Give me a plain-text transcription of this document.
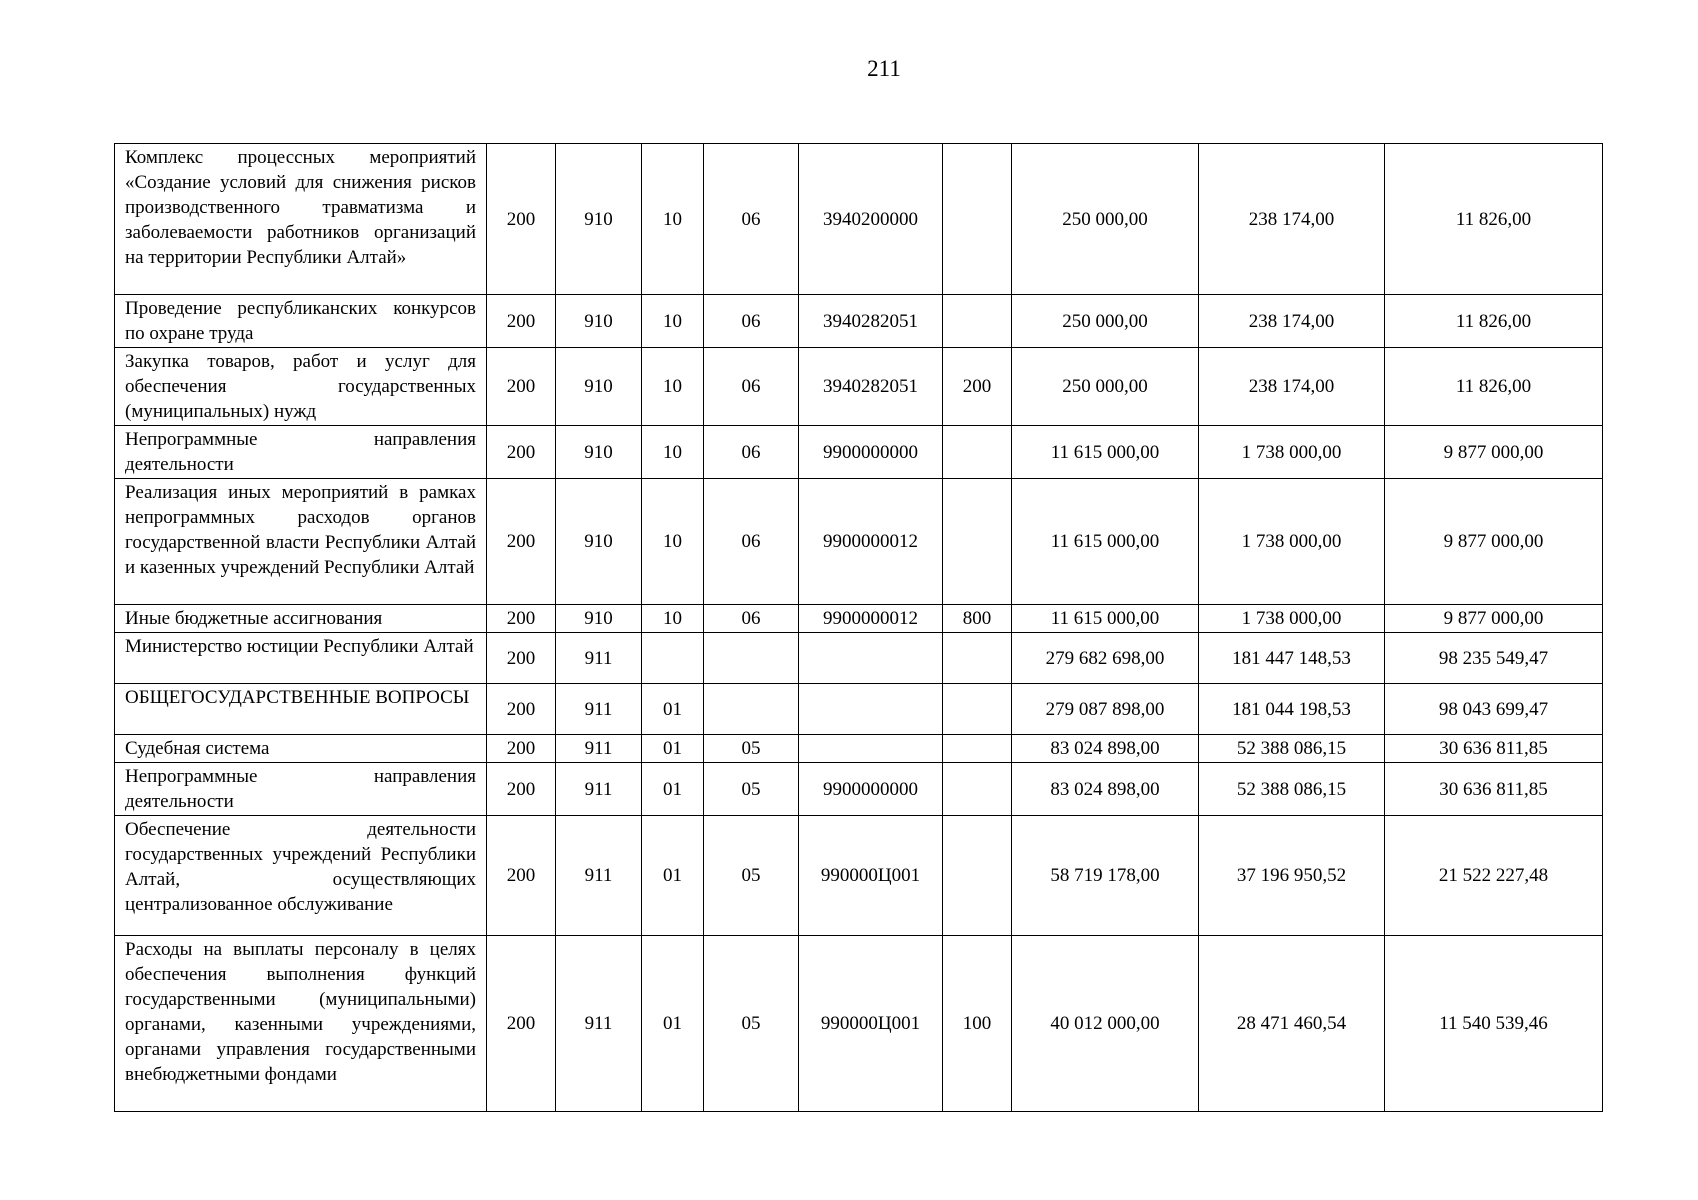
211
Комплекс процессных мероприятий «Создание условий для снижения рисков производственного травматизма и заболеваемости работников организаций на территории Республики Алтай»	200	910	10	06	3940200000		250 000,00	238 174,00	11 826,00
Проведение республиканских конкурсов по охране труда	200	910	10	06	3940282051		250 000,00	238 174,00	11 826,00
Закупка товаров, работ и услуг для обеспечения государственных (муниципальных) нужд	200	910	10	06	3940282051	200	250 000,00	238 174,00	11 826,00
Непрограммные направления деятельности	200	910	10	06	9900000000		11 615 000,00	1 738 000,00	9 877 000,00
Реализация иных мероприятий в рамках непрограммных расходов органов государственной власти Республики Алтай и казенных учреждений Республики Алтай	200	910	10	06	9900000012		11 615 000,00	1 738 000,00	9 877 000,00
Иные бюджетные ассигнования	200	910	10	06	9900000012	800	11 615 000,00	1 738 000,00	9 877 000,00
Министерство юстиции Республики Алтай	200	911					279 682 698,00	181 447 148,53	98 235 549,47
ОБЩЕГОСУДАРСТВЕННЫЕ ВОПРОСЫ	200	911	01				279 087 898,00	181 044 198,53	98 043 699,47
Судебная система	200	911	01	05			83 024 898,00	52 388 086,15	30 636 811,85
Непрограммные направления деятельности	200	911	01	05	9900000000		83 024 898,00	52 388 086,15	30 636 811,85
Обеспечение деятельности государственных учреждений Республики Алтай, осуществляющих централизованное обслуживание	200	911	01	05	990000Ц001		58 719 178,00	37 196 950,52	21 522 227,48
Расходы на выплаты персоналу в целях обеспечения выполнения функций государственными (муниципальными) органами, казенными учреждениями, органами управления государственными внебюджетными фондами	200	911	01	05	990000Ц001	100	40 012 000,00	28 471 460,54	11 540 539,46
